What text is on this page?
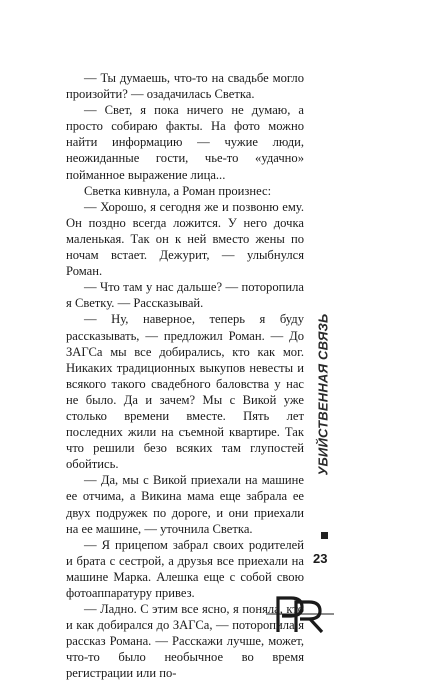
— Ты думаешь, что-то на свадьбе могло произойти? — озадачилась Светка.

— Свет, я пока ничего не думаю, а просто собираю факты. На фото можно найти информацию — чужие люди, неожиданные гости, чье-то «удачно» пойманное выражение лица...

Светка кивнула, а Роман произнес:

— Хорошо, я сегодня же и позвоню ему. Он поздно всегда ложится. У него дочка маленькая. Так он к ней вместо жены по ночам встает. Дежурит, — улыбнулся Роман.

— Что там у нас дальше? — поторопила я Светку. — Рассказывай.

— Ну, наверное, теперь я буду рассказывать, — предложил Роман. — До ЗАГСа мы все добирались, кто как мог. Никаких традиционных выкупов невесты и всякого такого свадебного баловства у нас не было. Да и зачем? Мы с Викой уже столько времени вместе. Пять лет последних жили на съемной квартире. Так что решили безо всяких там глупостей обойтись.

— Да, мы с Викой приехали на машине ее отчима, а Викина мама еще забрала ее двух подружек по дороге, и они приехали на ее машине, — уточнила Светка.

— Я прицепом забрал своих родителей и брата с сестрой, а друзья все приехали на машине Марка. Алешка еще с собой свою фотоаппаратуру привез.

— Ладно. С этим все ясно, я поняла, кто и как добирался до ЗАГСа, — поторопила я рассказ Романа. — Расскажи лучше, может, что-то было необычное во время регистрации или по-

УБИЙСТВЕННАЯ СВЯЗЬ
23
